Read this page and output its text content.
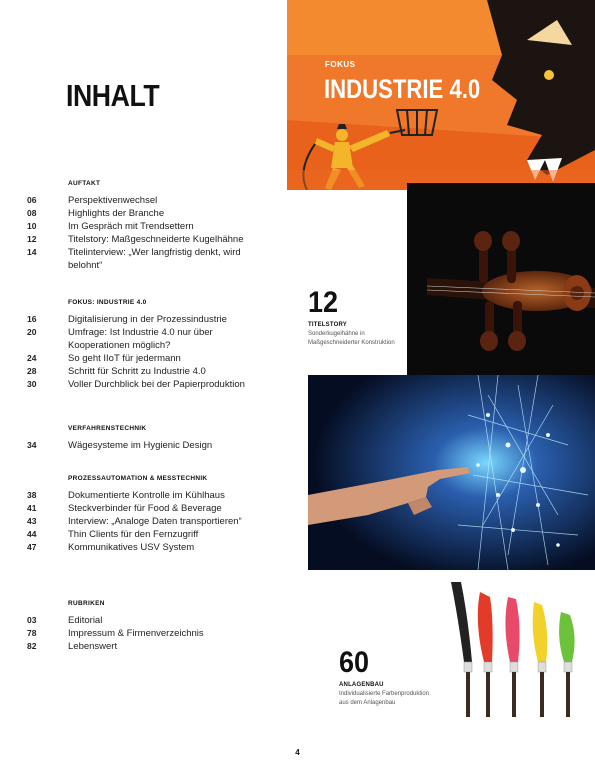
INHALT
FOKUS
INDUSTRIE 4.0
AUFTAKT
06	Perspektivenwechsel
08	Highlights der Branche
10	Im Gespräch mit Trendsettern
12	Titelstory: Maßgeschneiderte Kugelhähne
14	Titelinterview: „Wer langfristig denkt, wird belohnt“
FOKUS: INDUSTRIE 4.0
16	Digitalisierung in der Prozessindustrie
20	Umfrage: Ist Industrie 4.0 nur über Kooperationen möglich?
24	So geht IIoT für jedermann
28	Schritt für Schritt zu Industrie 4.0
30	Voller Durchblick bei der Papierproduktion
VERFAHRENSTECHNIK
34	Wägesysteme im Hygienic Design
PROZESSAUTOMATION & MESSTECHNIK
38	Dokumentierte Kontrolle im Kühlhaus
41	Steckverbinder für Food & Beverage
43	Interview: „Analoge Daten transportieren“
44	Thin Clients für den Fernzugriff
47	Kommunikatives USV System
RUBRIKEN
03	Editorial
78	Impressum & Firmenverzeichnis
82	Lebenswert
12
TITELSTORY
Sonderkugelhähne in Maßgeschneiderter Konstruktion
60
ANLAGENBAU
Individualisierte Farbenproduktion aus dem Anlagenbau
4
